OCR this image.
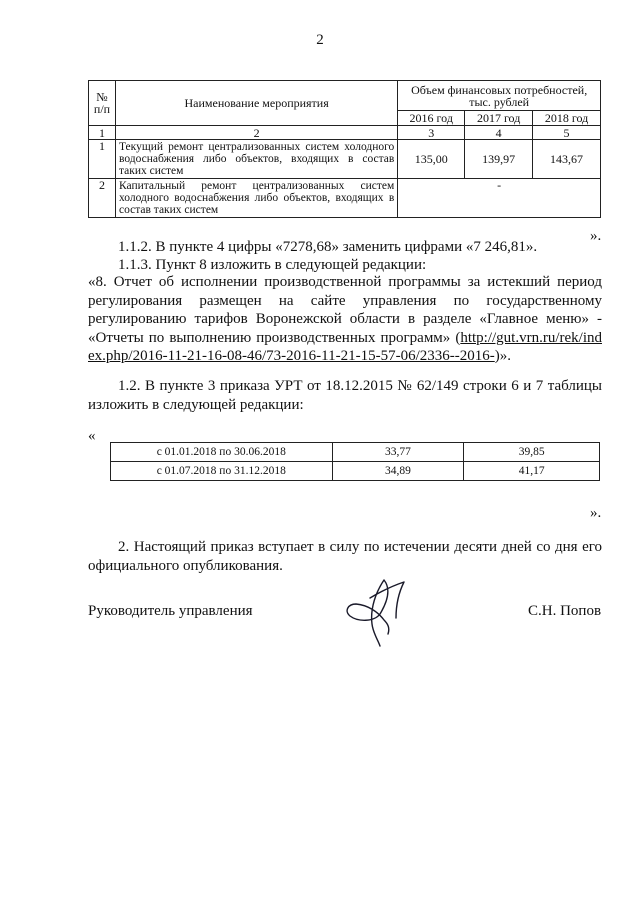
2
№ п/п	Наименование мероприятия	Объем финансовых потребностей, тыс. рублей		
		2016 год	2017 год	2018 год
1	2	3	4	5
1	Текущий ремонт централизованных систем холодного водоснабжения либо объектов, входящих в состав таких систем	135,00	139,97	143,67
2	Капитальный ремонт централизованных систем холодного водоснабжения либо объектов, входящих в состав таких систем	-		
».
1.1.2. В пункте 4 цифры «7278,68» заменить цифрами «7 246,81».
1.1.3. Пункт 8 изложить в следующей редакции:
«8. Отчет об исполнении производственной программы за истекший период регулирования размещен на сайте управления по государственному регулированию тарифов Воронежской области в разделе «Главное меню» - «Отчеты по выполнению производственных программ» (http://gut.vrn.ru/rek/index.php/2016-11-21-16-08-46/73-2016-11-21-15-57-06/2336--2016-)».
1.2. В пункте 3 приказа УРТ от 18.12.2015 № 62/149 строки 6 и 7 таблицы изложить в следующей редакции:
«
с 01.01.2018 по 30.06.2018	33,77	39,85
с 01.07.2018 по 31.12.2018	34,89	41,17
».
2. Настоящий приказ вступает в силу по истечении десяти дней со дня его официального опубликования.
Руководитель управления	С.Н. Попов
